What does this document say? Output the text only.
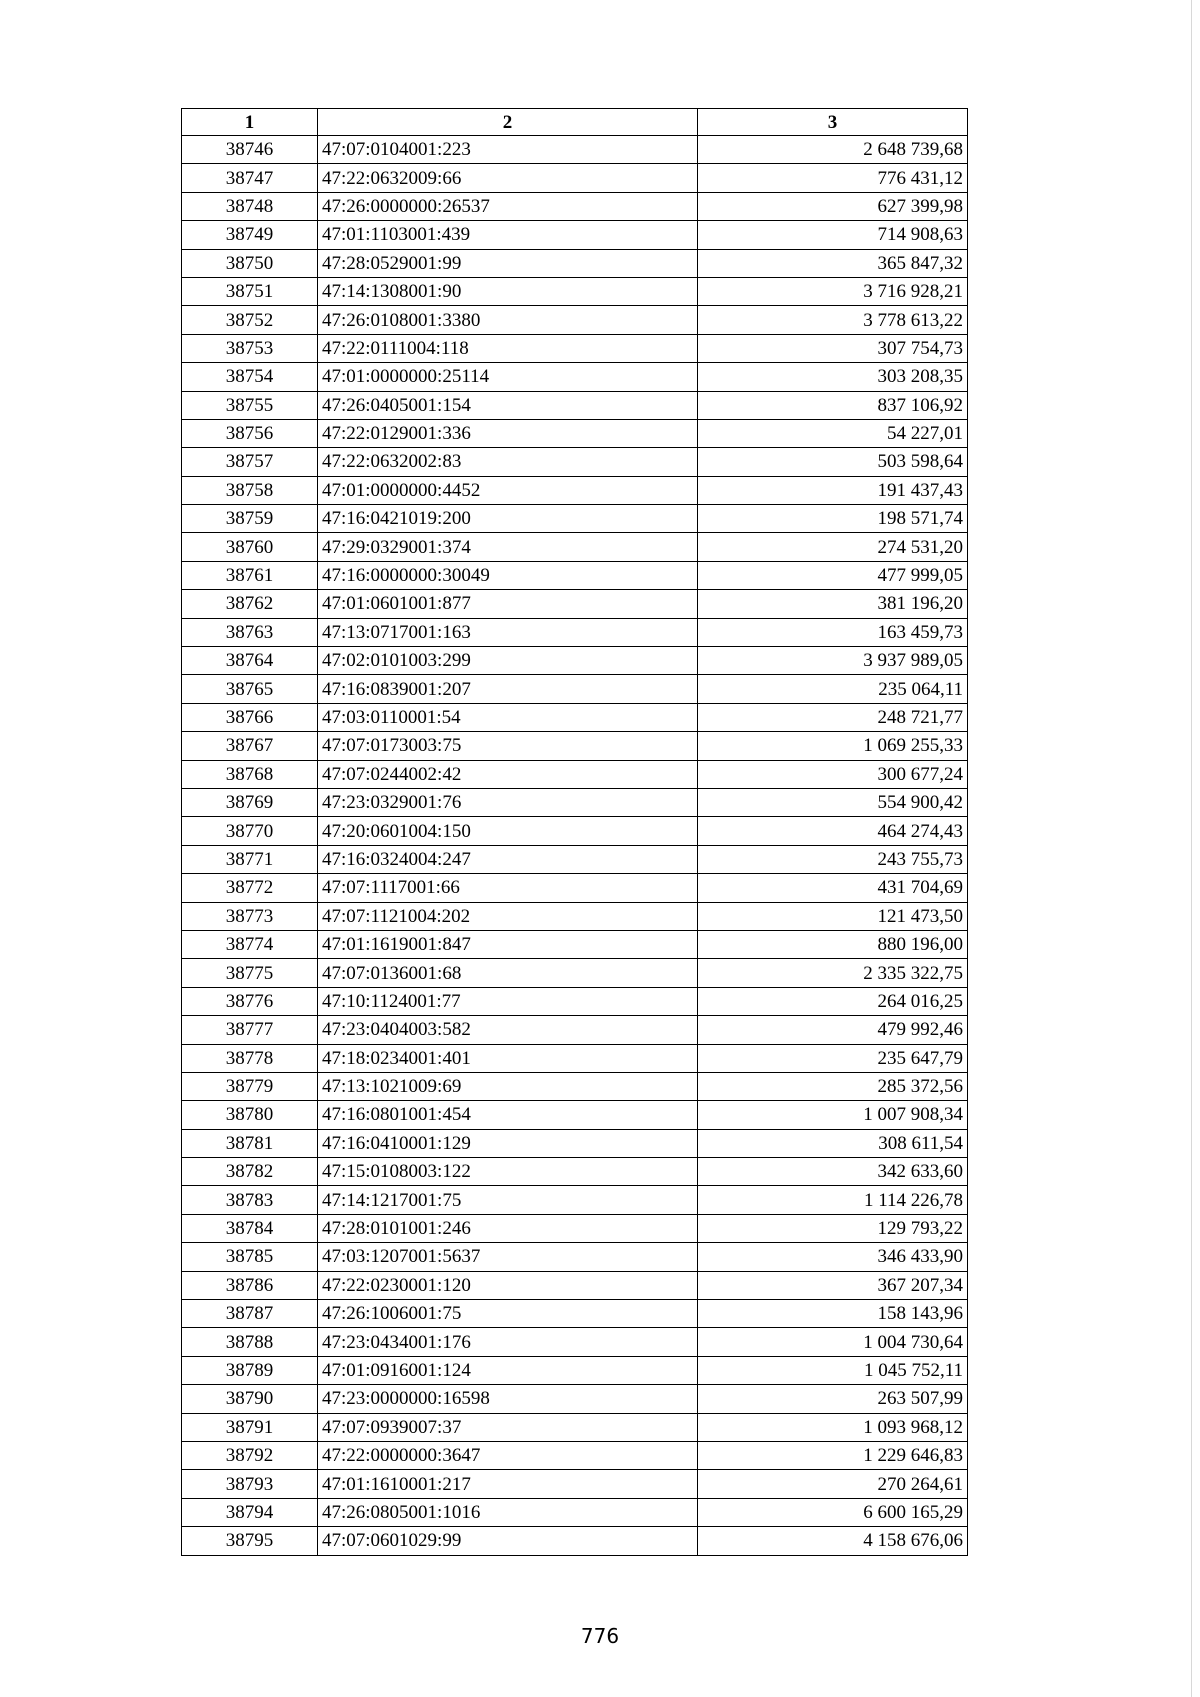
1	2	3
38746	47:07:0104001:223	2 648 739,68
38747	47:22:0632009:66	776 431,12
38748	47:26:0000000:26537	627 399,98
38749	47:01:1103001:439	714 908,63
38750	47:28:0529001:99	365 847,32
38751	47:14:1308001:90	3 716 928,21
38752	47:26:0108001:3380	3 778 613,22
38753	47:22:0111004:118	307 754,73
38754	47:01:0000000:25114	303 208,35
38755	47:26:0405001:154	837 106,92
38756	47:22:0129001:336	54 227,01
38757	47:22:0632002:83	503 598,64
38758	47:01:0000000:4452	191 437,43
38759	47:16:0421019:200	198 571,74
38760	47:29:0329001:374	274 531,20
38761	47:16:0000000:30049	477 999,05
38762	47:01:0601001:877	381 196,20
38763	47:13:0717001:163	163 459,73
38764	47:02:0101003:299	3 937 989,05
38765	47:16:0839001:207	235 064,11
38766	47:03:0110001:54	248 721,77
38767	47:07:0173003:75	1 069 255,33
38768	47:07:0244002:42	300 677,24
38769	47:23:0329001:76	554 900,42
38770	47:20:0601004:150	464 274,43
38771	47:16:0324004:247	243 755,73
38772	47:07:1117001:66	431 704,69
38773	47:07:1121004:202	121 473,50
38774	47:01:1619001:847	880 196,00
38775	47:07:0136001:68	2 335 322,75
38776	47:10:1124001:77	264 016,25
38777	47:23:0404003:582	479 992,46
38778	47:18:0234001:401	235 647,79
38779	47:13:1021009:69	285 372,56
38780	47:16:0801001:454	1 007 908,34
38781	47:16:0410001:129	308 611,54
38782	47:15:0108003:122	342 633,60
38783	47:14:1217001:75	1 114 226,78
38784	47:28:0101001:246	129 793,22
38785	47:03:1207001:5637	346 433,90
38786	47:22:0230001:120	367 207,34
38787	47:26:1006001:75	158 143,96
38788	47:23:0434001:176	1 004 730,64
38789	47:01:0916001:124	1 045 752,11
38790	47:23:0000000:16598	263 507,99
38791	47:07:0939007:37	1 093 968,12
38792	47:22:0000000:3647	1 229 646,83
38793	47:01:1610001:217	270 264,61
38794	47:26:0805001:1016	6 600 165,29
38795	47:07:0601029:99	4 158 676,06
776
